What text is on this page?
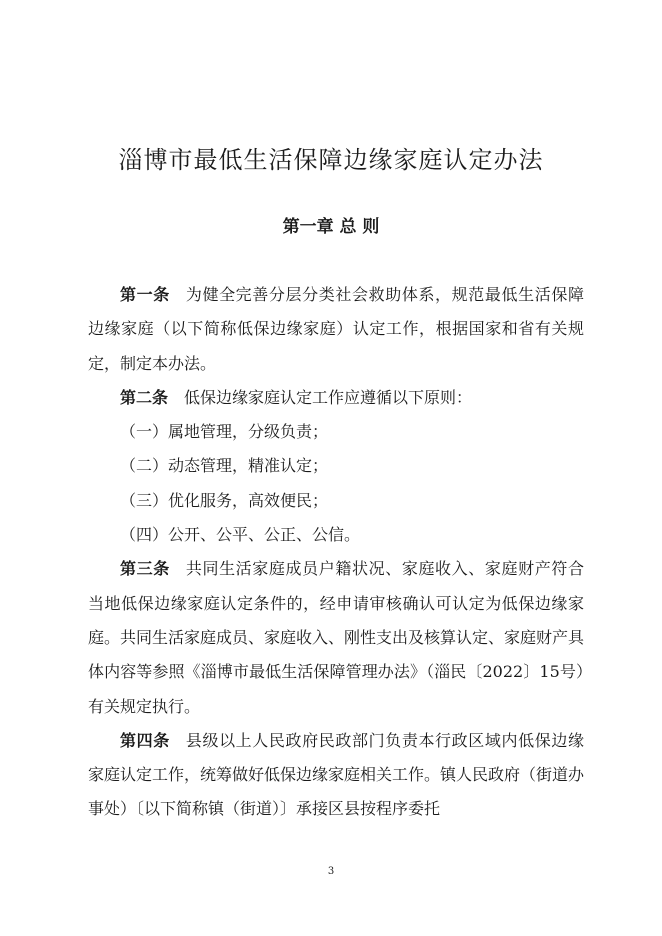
淄博市最低生活保障边缘家庭认定办法
第一章 总 则

第一条 为健全完善分层分类社会救助体系，规范最低生活保障边缘家庭（以下简称低保边缘家庭）认定工作，根据国家和省有关规定，制定本办法。

第二条 低保边缘家庭认定工作应遵循以下原则：

（一）属地管理，分级负责；

（二）动态管理，精准认定；

（三）优化服务，高效便民；

（四）公开、公平、公正、公信。

第三条 共同生活家庭成员户籍状况、家庭收入、家庭财产符合当地低保边缘家庭认定条件的，经申请审核确认可认定为低保边缘家庭。共同生活家庭成员、家庭收入、刚性支出及核算认定、家庭财产具体内容等参照《淄博市最低生活保障管理办法》（淄民〔2022〕15号）有关规定执行。

第四条 县级以上人民政府民政部门负责本行政区域内低保边缘家庭认定工作，统筹做好低保边缘家庭相关工作。镇人民政府（街道办事处）〔以下简称镇（街道）〕承接区县按程序委托

3
